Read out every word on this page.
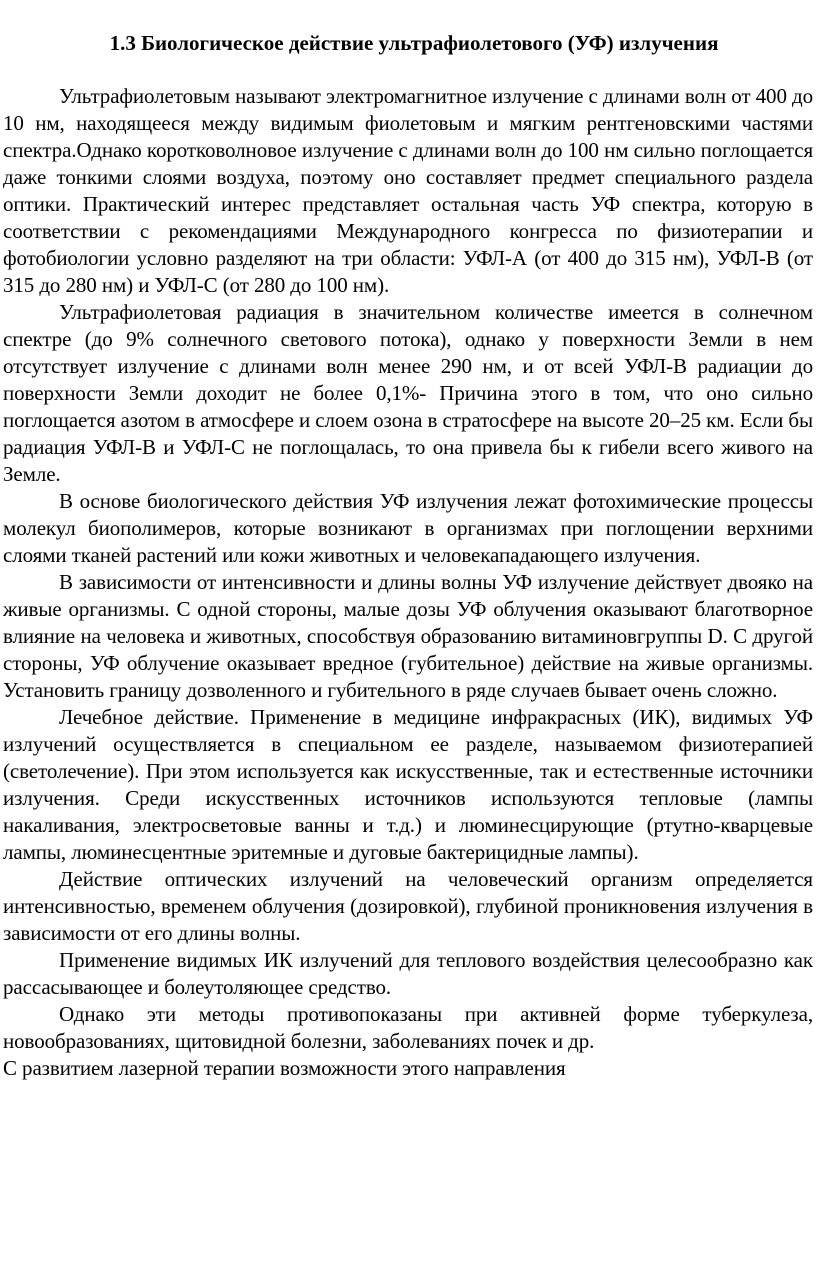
1.3 Биологическое действие ультрафиолетового (УФ) излучения

Ультрафиолетовым называют электромагнитное излучение с длинами волн от 400 до 10 нм, находящееся между видимым фиолетовым и мягким рентгеновскими частями спектра.Однако коротковолновое излучение с длинами волн до 100 нм сильно поглощается даже тонкими слоями воздуха, поэтому оно составляет предмет специального раздела оптики. Практический интерес представляет остальная часть УФ спектра, которую в соответствии с рекомендациями Международного конгресса по физиотерапии и фотобиологии условно разделяют на три области: УФЛ-А (от 400 до 315 нм), УФЛ-В (от 315 до 280 нм) и УФЛ-С (от 280 до 100 нм).

Ультрафиолетовая радиация в значительном количестве имеется в солнечном спектре (до 9% солнечного светового потока), однако у поверхности Земли в нем отсутствует излучение с длинами волн менее 290 нм, и от всей УФЛ-В радиации до поверхности Земли доходит не более 0,1%- Причина этого в том, что оно сильно поглощается азотом в атмосфере и слоем озона в стратосфере на высоте 20–25 км. Если бы радиация УФЛ-В и УФЛ-С не поглощалась, то она привела бы к гибели всего живого на Земле.

В основе биологического действия УФ излучения лежат фотохимические процессы молекул биополимеров, которые возникают в организмах при поглощении верхними слоями тканей растений или кожи животных и человекападающего излучения.

В зависимости от интенсивности и длины волны УФ излучение действует двояко на живые организмы. С одной стороны, малые дозы УФ облучения оказывают благотворное влияние на человека и животных, способствуя образованию витаминовгруппы D. С другой стороны, УФ облучение оказывает вредное (губительное) действие на живые организмы. Установить границу дозволенного и губительного в ряде случаев бывает очень сложно.

Лечебное действие. Применение в медицине инфракрасных (ИК), видимых УФ излучений осуществляется в специальном ее разделе, называемом физиотерапией (светолечение). При этом используется как искусственные, так и естественные источники излучения. Среди искусственных источников используются тепловые (лампы накаливания, электросветовые ванны и т.д.) и люминесцирующие (ртутно-кварцевые лампы, люминесцентные эритемные и дуговые бактерицидные лампы).

Действие оптических излучений на человеческий организм определяется интенсивностью, временем облучения (дозировкой), глубиной проникновения излучения в зависимости от его длины волны.

Применение видимых ИК излучений для теплового воздействия целесообразно как рассасывающее и болеутоляющее средство.

Однако эти методы противопоказаны при активней форме туберкулеза, новообразованиях, щитовидной болезни, заболеваниях почек и др.

С развитием лазерной терапии возможности этого направления
